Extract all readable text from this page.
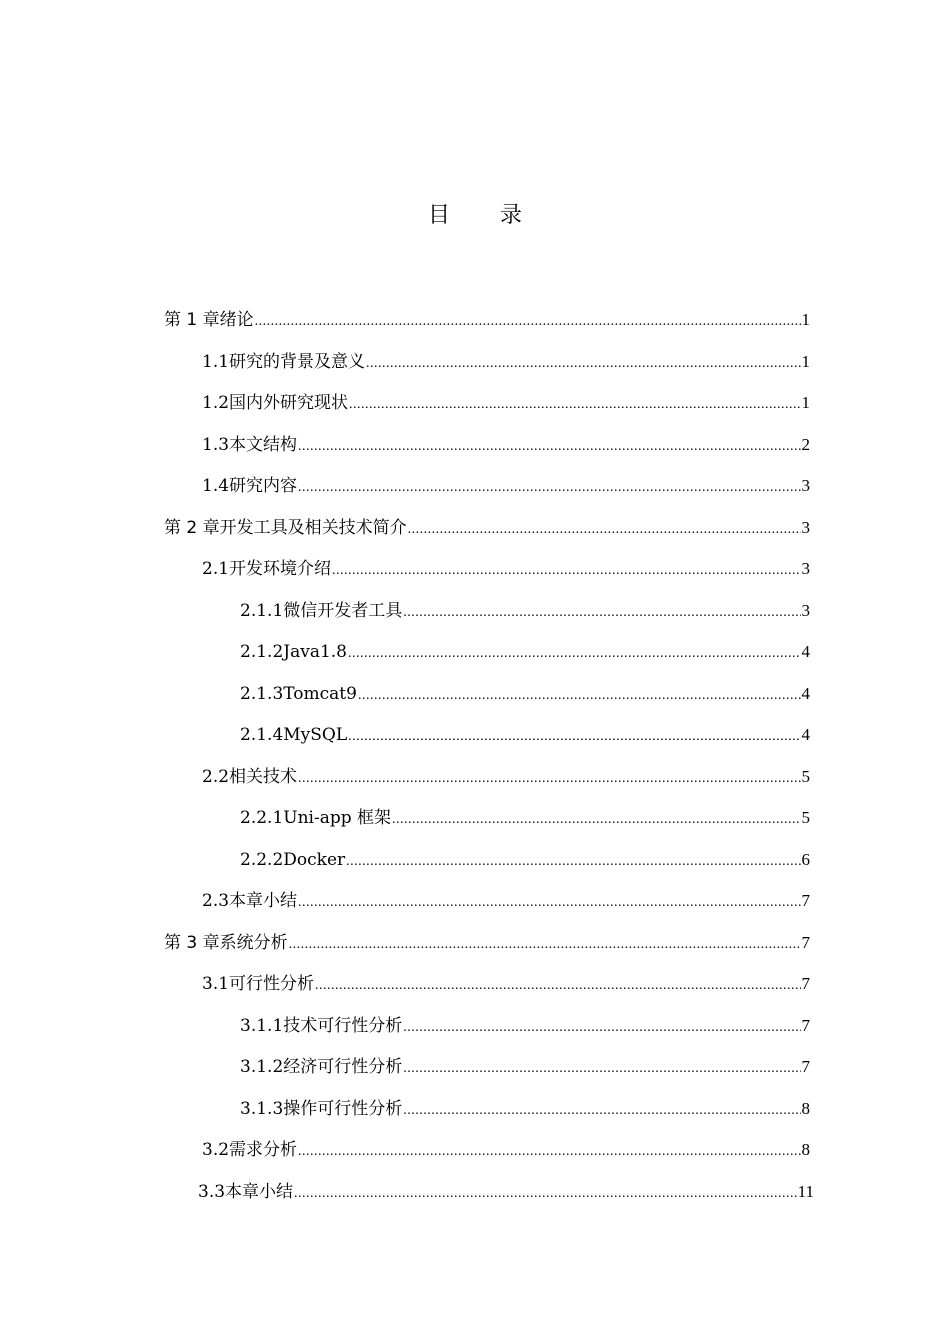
目 录
第 1 章 绪论 .....	1
1.1 研究的背景及意义 .....	1
1.2 国内外研究现状 .....	1
1.3 本文结构 .....	2
1.4 研究内容 .....	3
第 2 章 开发工具及相关技术简介 .....	3
2.1 开发环境介绍 .....	3
2.1.1 微信开发者工具 .....	3
2.1.2 Java1.8 .....	4
2.1.3 Tomcat9 .....	4
2.1.4 MySQL .....	4
2.2 相关技术 .....	5
2.2.1 Uni-app 框架 .....	5
2.2.2 Docker .....	6
2.3 本章小结 .....	7
第 3 章 系统分析 .....	7
3.1 可行性分析 .....	7
3.1.1 技术可行性分析 .....	7
3.1.2 经济可行性分析 .....	7
3.1.3 操作可行性分析 .....	8
3.2 需求分析 .....	8
3.3 本章小结 .....	11
